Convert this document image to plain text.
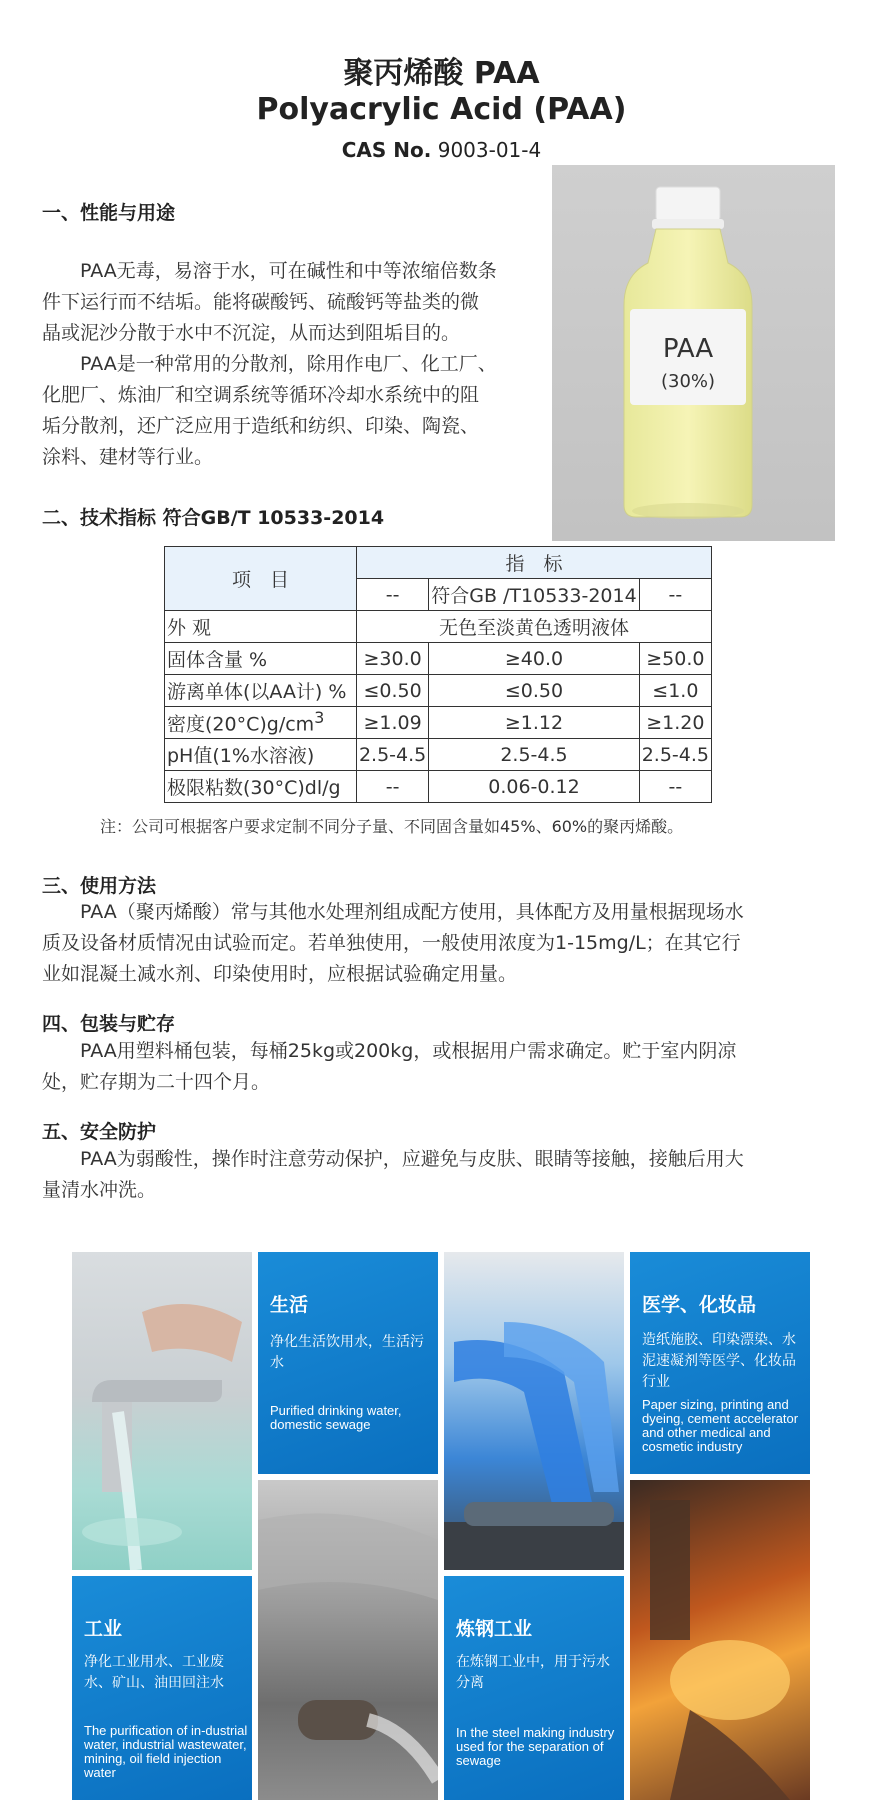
聚丙烯酸 PAA
Polyacrylic Acid (PAA)
CAS No. 9003-01-4
PAA
(30%)
一、性能与用途
PAA无毒，易溶于水，可在碱性和中等浓缩倍数条
件下运行而不结垢。能将碳酸钙、硫酸钙等盐类的微
晶或泥沙分散于水中不沉淀，从而达到阻垢目的。
PAA是一种常用的分散剂，除用作电厂、化工厂、
化肥厂、炼油厂和空调系统等循环冷却水系统中的阻
垢分散剂，还广泛应用于造纸和纺织、印染、陶瓷、
涂料、建材等行业。
二、技术指标 符合GB/T 10533-2014
项　目	指　标		
	--	符合GB /T10533-2014	--
外 观	无色至淡黄色透明液体		
固体含量 %	≥30.0	≥40.0	≥50.0
游离单体(以AA计) %	≤0.50	≤0.50	≤1.0
密度$(20^\circ C)g/cm^3$	≥1.09	≥1.12	≥1.20
pH值(1%水溶液)	2.5-4.5	2.5-4.5	2.5-4.5
极限粘数(30°C)dl/g	--	0.06-0.12	--
注：公司可根据客户要求定制不同分子量、不同固含量如45%、60%的聚丙烯酸。
三、使用方法
PAA（聚丙烯酸）常与其他水处理剂组成配方使用，具体配方及用量根据现场水
质及设备材质情况由试验而定。若单独使用，一般使用浓度为1-15mg/L；在其它行
业如混凝土减水剂、印染使用时，应根据试验确定用量。
四、包装与贮存
PAA用塑料桶包装，每桶25kg或200kg，或根据用户需求确定。贮于室内阴凉
处，贮存期为二十四个月。
五、安全防护
PAA为弱酸性，操作时注意劳动保护，应避免与皮肤、眼睛等接触，接触后用大
量清水冲洗。
生活
净化生活饮用水，生活污水
Purified drinking water, domestic sewage
医学、化妆品
造纸施胶、印染漂染、水泥速凝剂等医学、化妆品行业
Paper sizing, printing and dyeing, cement accelerator and other medical and cosmetic industry
工业
净化工业用水、工业废水、矿山、油田回注水
The purification of in-dustrial water, industrial wastewater, mining, oil field injection water
炼钢工业
在炼钢工业中，用于污水分离
In the steel making industry used for the separation of sewage
